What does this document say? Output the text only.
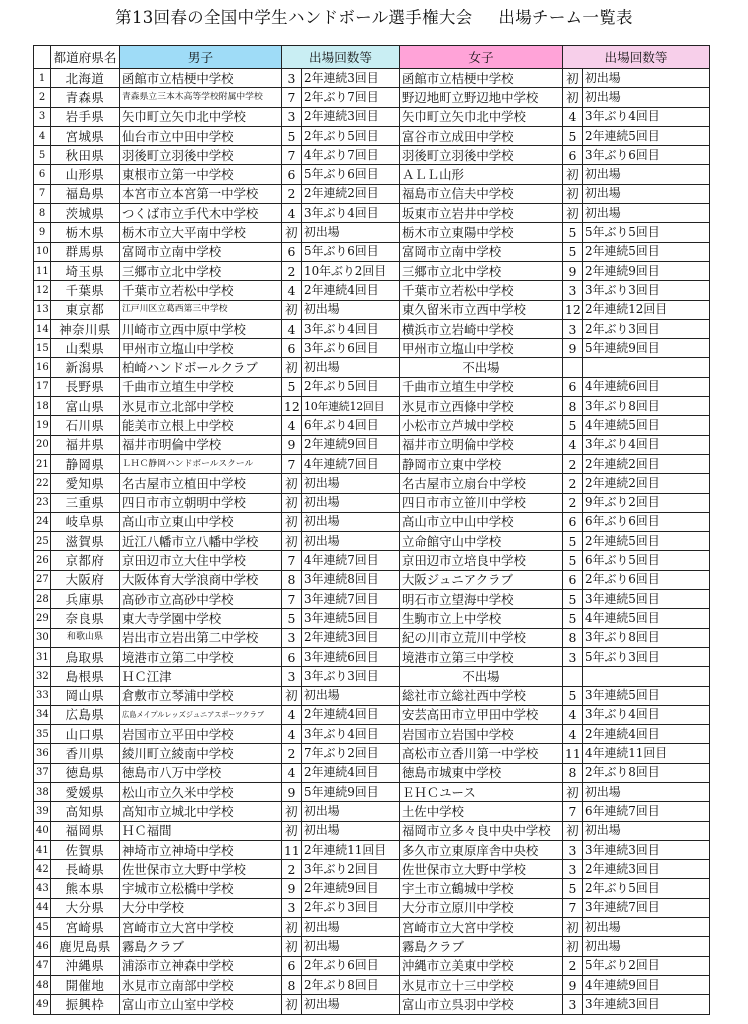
第13回春の全国中学生ハンドボール選手権大会 出場チーム一覧表
	都道府県名	男子	出場回数等		女子	出場回数等	
1	北海道	函館市立桔梗中学校	3	2年連続3回目	函館市立桔梗中学校	初	初出場
2	青森県	青森県立三本木高等学校附属中学校	7	2年ぶり7回目	野辺地町立野辺地中学校	初	初出場
3	岩手県	矢巾町立矢巾北中学校	3	2年連続3回目	矢巾町立矢巾北中学校	4	3年ぶり4回目
4	宮城県	仙台市立中田中学校	5	2年ぶり5回目	富谷市立成田中学校	5	2年連続5回目
5	秋田県	羽後町立羽後中学校	7	4年ぶり7回目	羽後町立羽後中学校	6	3年ぶり6回目
6	山形県	東根市立第一中学校	6	5年ぶり6回目	ＡＬＬ山形	初	初出場
7	福島県	本宮市立本宮第一中学校	2	2年連続2回目	福島市立信夫中学校	初	初出場
8	茨城県	つくば市立手代木中学校	4	3年ぶり4回目	坂東市立岩井中学校	初	初出場
9	栃木県	栃木市立大平南中学校	初	初出場	栃木市立東陽中学校	5	5年ぶり5回目
10	群馬県	富岡市立南中学校	6	5年ぶり6回目	富岡市立南中学校	5	2年連続5回目
11	埼玉県	三郷市立北中学校	2	10年ぶり2回目	三郷市立北中学校	9	2年連続9回目
12	千葉県	千葉市立若松中学校	4	2年連続4回目	千葉市立若松中学校	3	3年ぶり3回目
13	東京都	江戸川区立葛西第三中学校	初	初出場	東久留米市立西中学校	12	2年連続12回目
14	神奈川県	川崎市立西中原中学校	4	3年ぶり4回目	横浜市立岩崎中学校	3	2年ぶり3回目
15	山梨県	甲州市立塩山中学校	6	3年ぶり6回目	甲州市立塩山中学校	9	5年連続9回目
16	新潟県	柏崎ハンドボールクラブ	初	初出場	不出場		
17	長野県	千曲市立埴生中学校	5	2年ぶり5回目	千曲市立埴生中学校	6	4年連続6回目
18	富山県	氷見市立北部中学校	12	10年連続12回目	氷見市立西條中学校	8	3年ぶり8回目
19	石川県	能美市立根上中学校	4	6年ぶり4回目	小松市立芦城中学校	5	4年連続5回目
20	福井県	福井市明倫中学校	9	2年連続9回目	福井市立明倫中学校	4	3年ぶり4回目
21	静岡県	ＬＨＣ静岡ハンドボールスクール	7	4年連続7回目	静岡市立東中学校	2	2年連続2回目
22	愛知県	名古屋市立植田中学校	初	初出場	名古屋市立扇台中学校	2	2年連続2回目
23	三重県	四日市市立朝明中学校	初	初出場	四日市市立笹川中学校	2	9年ぶり2回目
24	岐阜県	高山市立東山中学校	初	初出場	高山市立中山中学校	6	6年ぶり6回目
25	滋賀県	近江八幡市立八幡中学校	初	初出場	立命館守山中学校	5	2年連続5回目
26	京都府	京田辺市立大住中学校	7	4年連続7回目	京田辺市立培良中学校	5	6年ぶり5回目
27	大阪府	大阪体育大学浪商中学校	8	3年連続8回目	大阪ジュニアクラブ	6	2年ぶり6回目
28	兵庫県	高砂市立高砂中学校	7	3年連続7回目	明石市立望海中学校	5	3年連続5回目
29	奈良県	東大寺学園中学校	5	3年連続5回目	生駒市立上中学校	5	4年連続5回目
30	和歌山県	岩出市立岩出第二中学校	3	2年連続3回目	紀の川市立荒川中学校	8	3年ぶり8回目
31	鳥取県	境港市立第二中学校	6	3年連続6回目	境港市立第三中学校	3	5年ぶり3回目
32	島根県	ＨＣ江津	3	3年ぶり3回目	不出場		
33	岡山県	倉敷市立琴浦中学校	初	初出場	総社市立総社西中学校	5	3年連続5回目
34	広島県	広島メイプルレッズジュニアスポーツクラブ	4	2年連続4回目	安芸高田市立甲田中学校	4	3年ぶり4回目
35	山口県	岩国市立平田中学校	4	3年ぶり4回目	岩国市立岩国中学校	4	2年連続4回目
36	香川県	綾川町立綾南中学校	2	7年ぶり2回目	高松市立香川第一中学校	11	4年連続11回目
37	徳島県	徳島市八万中学校	4	2年連続4回目	徳島市城東中学校	8	2年ぶり8回目
38	愛媛県	松山市立久米中学校	9	5年連続9回目	ＥＨＣユース	初	初出場
39	高知県	高知市立城北中学校	初	初出場	土佐中学校	7	6年連続7回目
40	福岡県	ＨＣ福間	初	初出場	福岡市立多々良中央中学校	初	初出場
41	佐賀県	神埼市立神埼中学校	11	2年連続11回目	多久市立東原庠舎中央校	3	3年連続3回目
42	長崎県	佐世保市立大野中学校	2	3年ぶり2回目	佐世保市立大野中学校	3	2年連続3回目
43	熊本県	宇城市立松橋中学校	9	2年連続9回目	宇土市立鶴城中学校	5	2年ぶり5回目
44	大分県	大分中学校	3	2年ぶり3回目	大分市立原川中学校	7	3年連続7回目
45	宮崎県	宮崎市立大宮中学校	初	初出場	宮崎市立大宮中学校	初	初出場
46	鹿児島県	霧島クラブ	初	初出場	霧島クラブ	初	初出場
47	沖縄県	浦添市立神森中学校	6	2年ぶり6回目	沖縄市立美東中学校	2	5年ぶり2回目
48	開催地	氷見市立南部中学校	8	2年ぶり8回目	氷見市立十三中学校	9	4年連続9回目
49	振興枠	富山市立山室中学校	初	初出場	富山市立呉羽中学校	3	3年連続3回目
